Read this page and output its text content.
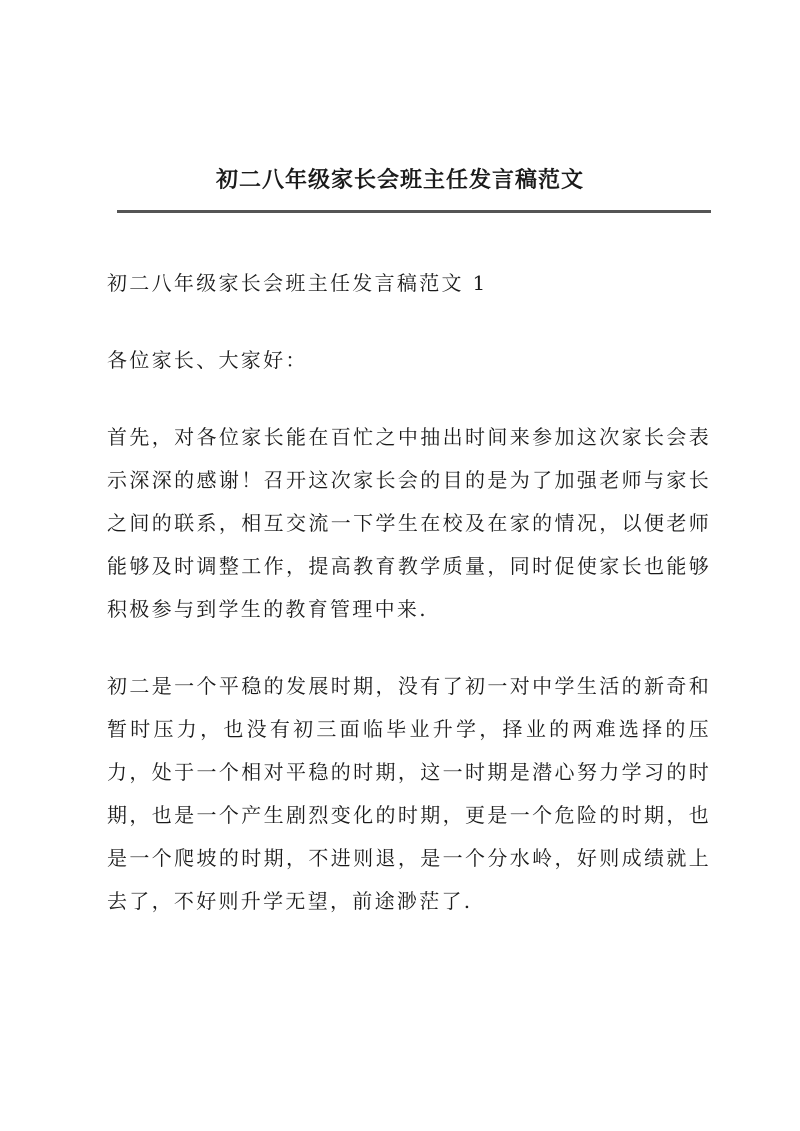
初二八年级家长会班主任发言稿范文

初二八年级家长会班主任发言稿范文 1

各位家长、大家好：

首先，对各位家长能在百忙之中抽出时间来参加这次家长会表示深深的感谢！召开这次家长会的目的是为了加强老师与家长之间的联系，相互交流一下学生在校及在家的情况，以便老师能够及时调整工作，提高教育教学质量，同时促使家长也能够积极参与到学生的教育管理中来.

初二是一个平稳的发展时期，没有了初一对中学生活的新奇和暂时压力，也没有初三面临毕业升学，择业的两难选择的压力，处于一个相对平稳的时期，这一时期是潜心努力学习的时期，也是一个产生剧烈变化的时期，更是一个危险的时期，也是一个爬坡的时期，不进则退，是一个分水岭，好则成绩就上去了，不好则升学无望，前途渺茫了.
